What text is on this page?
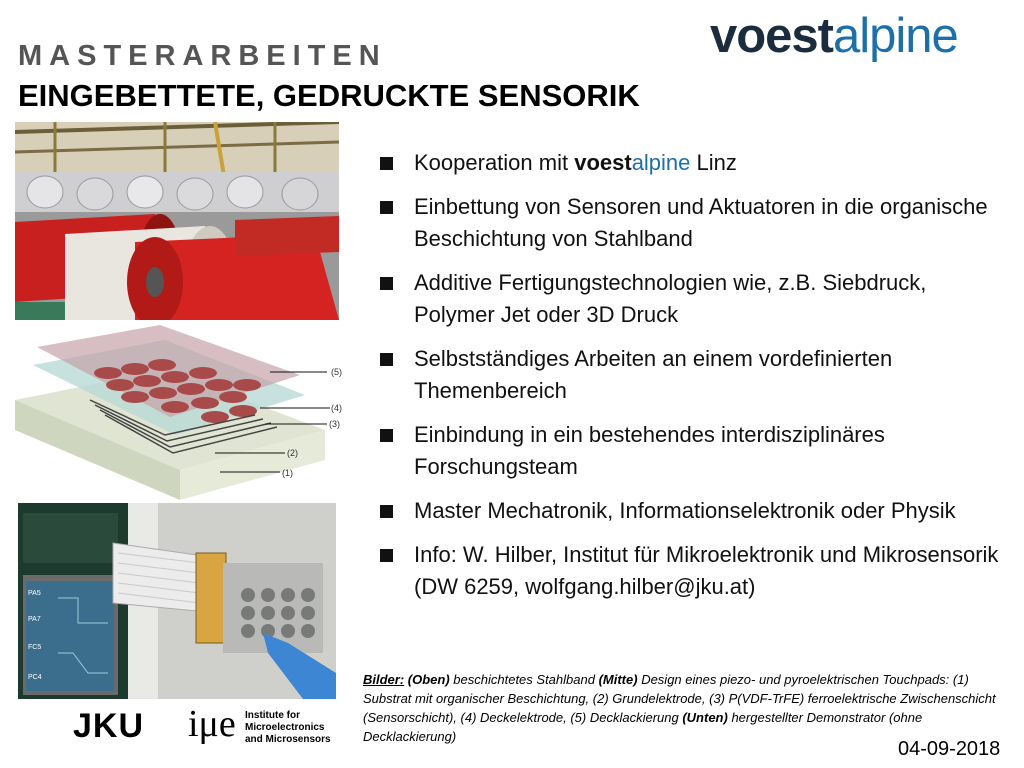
MASTERARBEITEN
EINGEBETTETE, GEDRUCKTE SENSORIK
voestalpine
(5)
(4)
(3)
(2)
(1)
PA5
PA7
FC5
PC4
Kooperation mit voestalpine Linz
Einbettung von Sensoren und Aktuatoren in die organische Beschichtung von Stahlband
Additive Fertigungstechnologien wie, z.B. Siebdruck, Polymer Jet oder 3D Druck
Selbstständiges Arbeiten an einem vordefinierten Themenbereich
Einbindung in ein bestehendes interdisziplinäres Forschungsteam
Master Mechatronik, Informationselektronik oder Physik
Info: W. Hilber, Institut für Mikroelektronik und Mikrosensorik (DW 6259, wolfgang.hilber@jku.at)
Bilder: (Oben) beschichtetes Stahlband (Mitte) Design eines piezo- und pyroelektrischen Touchpads: (1) Substrat mit organischer Beschichtung, (2) Grundelektrode, (3) P(VDF-TrFE) ferroelektrische Zwischenschicht (Sensorschicht), (4) Deckelektrode, (5) Decklackierung (Unten) hergestellter Demonstrator (ohne Decklackierung)
JKU iμe Institute for
Microelectronics
and Microsensors	04-09-2018
